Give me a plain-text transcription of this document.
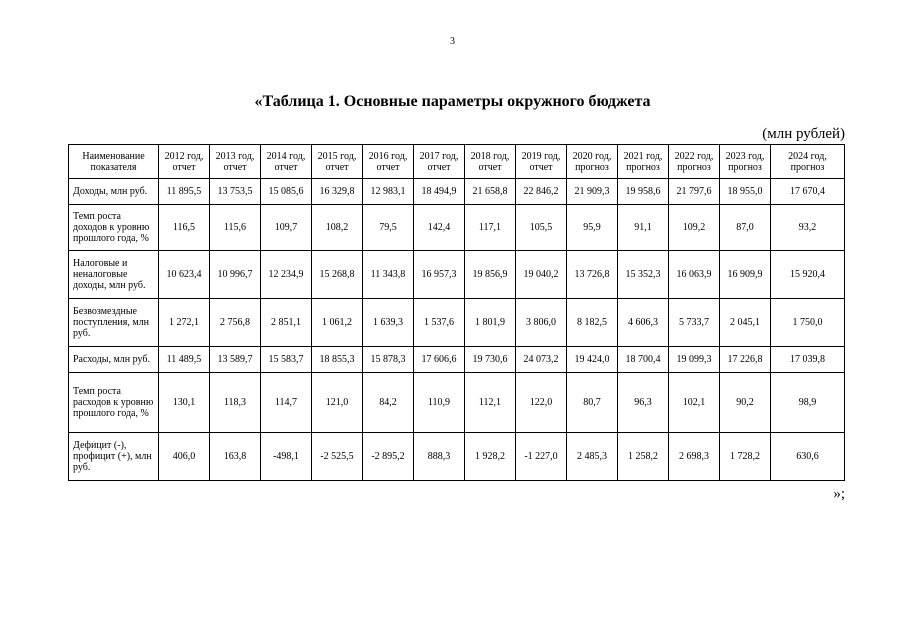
3
«Таблица 1. Основные параметры окружного бюджета
(млн рублей)
Наименование показателя	2012 год, отчет	2013 год, отчет	2014 год, отчет	2015 год, отчет	2016 год, отчет	2017 год, отчет	2018 год, отчет	2019 год, отчет	2020 год, прогноз	2021 год, прогноз	2022 год, прогноз	2023 год, прогноз	2024 год, прогноз
Доходы, млн руб.	11 895,5	13 753,5	15 085,6	16 329,8	12 983,1	18 494,9	21 658,8	22 846,2	21 909,3	19 958,6	21 797,6	18 955,0	17 670,4
Темп роста доходов к уровню прошлого года, %	116,5	115,6	109,7	108,2	79,5	142,4	117,1	105,5	95,9	91,1	109,2	87,0	93,2
Налоговые и неналоговые доходы, млн руб.	10 623,4	10 996,7	12 234,9	15 268,8	11 343,8	16 957,3	19 856,9	19 040,2	13 726,8	15 352,3	16 063,9	16 909,9	15 920,4
Безвозмездные поступления, млн руб.	1 272,1	2 756,8	2 851,1	1 061,2	1 639,3	1 537,6	1 801,9	3 806,0	8 182,5	4 606,3	5 733,7	2 045,1	1 750,0
Расходы, млн руб.	11 489,5	13 589,7	15 583,7	18 855,3	15 878,3	17 606,6	19 730,6	24 073,2	19 424,0	18 700,4	19 099,3	17 226,8	17 039,8
Темп роста расходов к уровню прошлого года, %	130,1	118,3	114,7	121,0	84,2	110,9	112,1	122,0	80,7	96,3	102,1	90,2	98,9
Дефицит (-), профицит (+), млн руб.	406,0	163,8	-498,1	-2 525,5	-2 895,2	888,3	1 928,2	-1 227,0	2 485,3	1 258,2	2 698,3	1 728,2	630,6
»;
